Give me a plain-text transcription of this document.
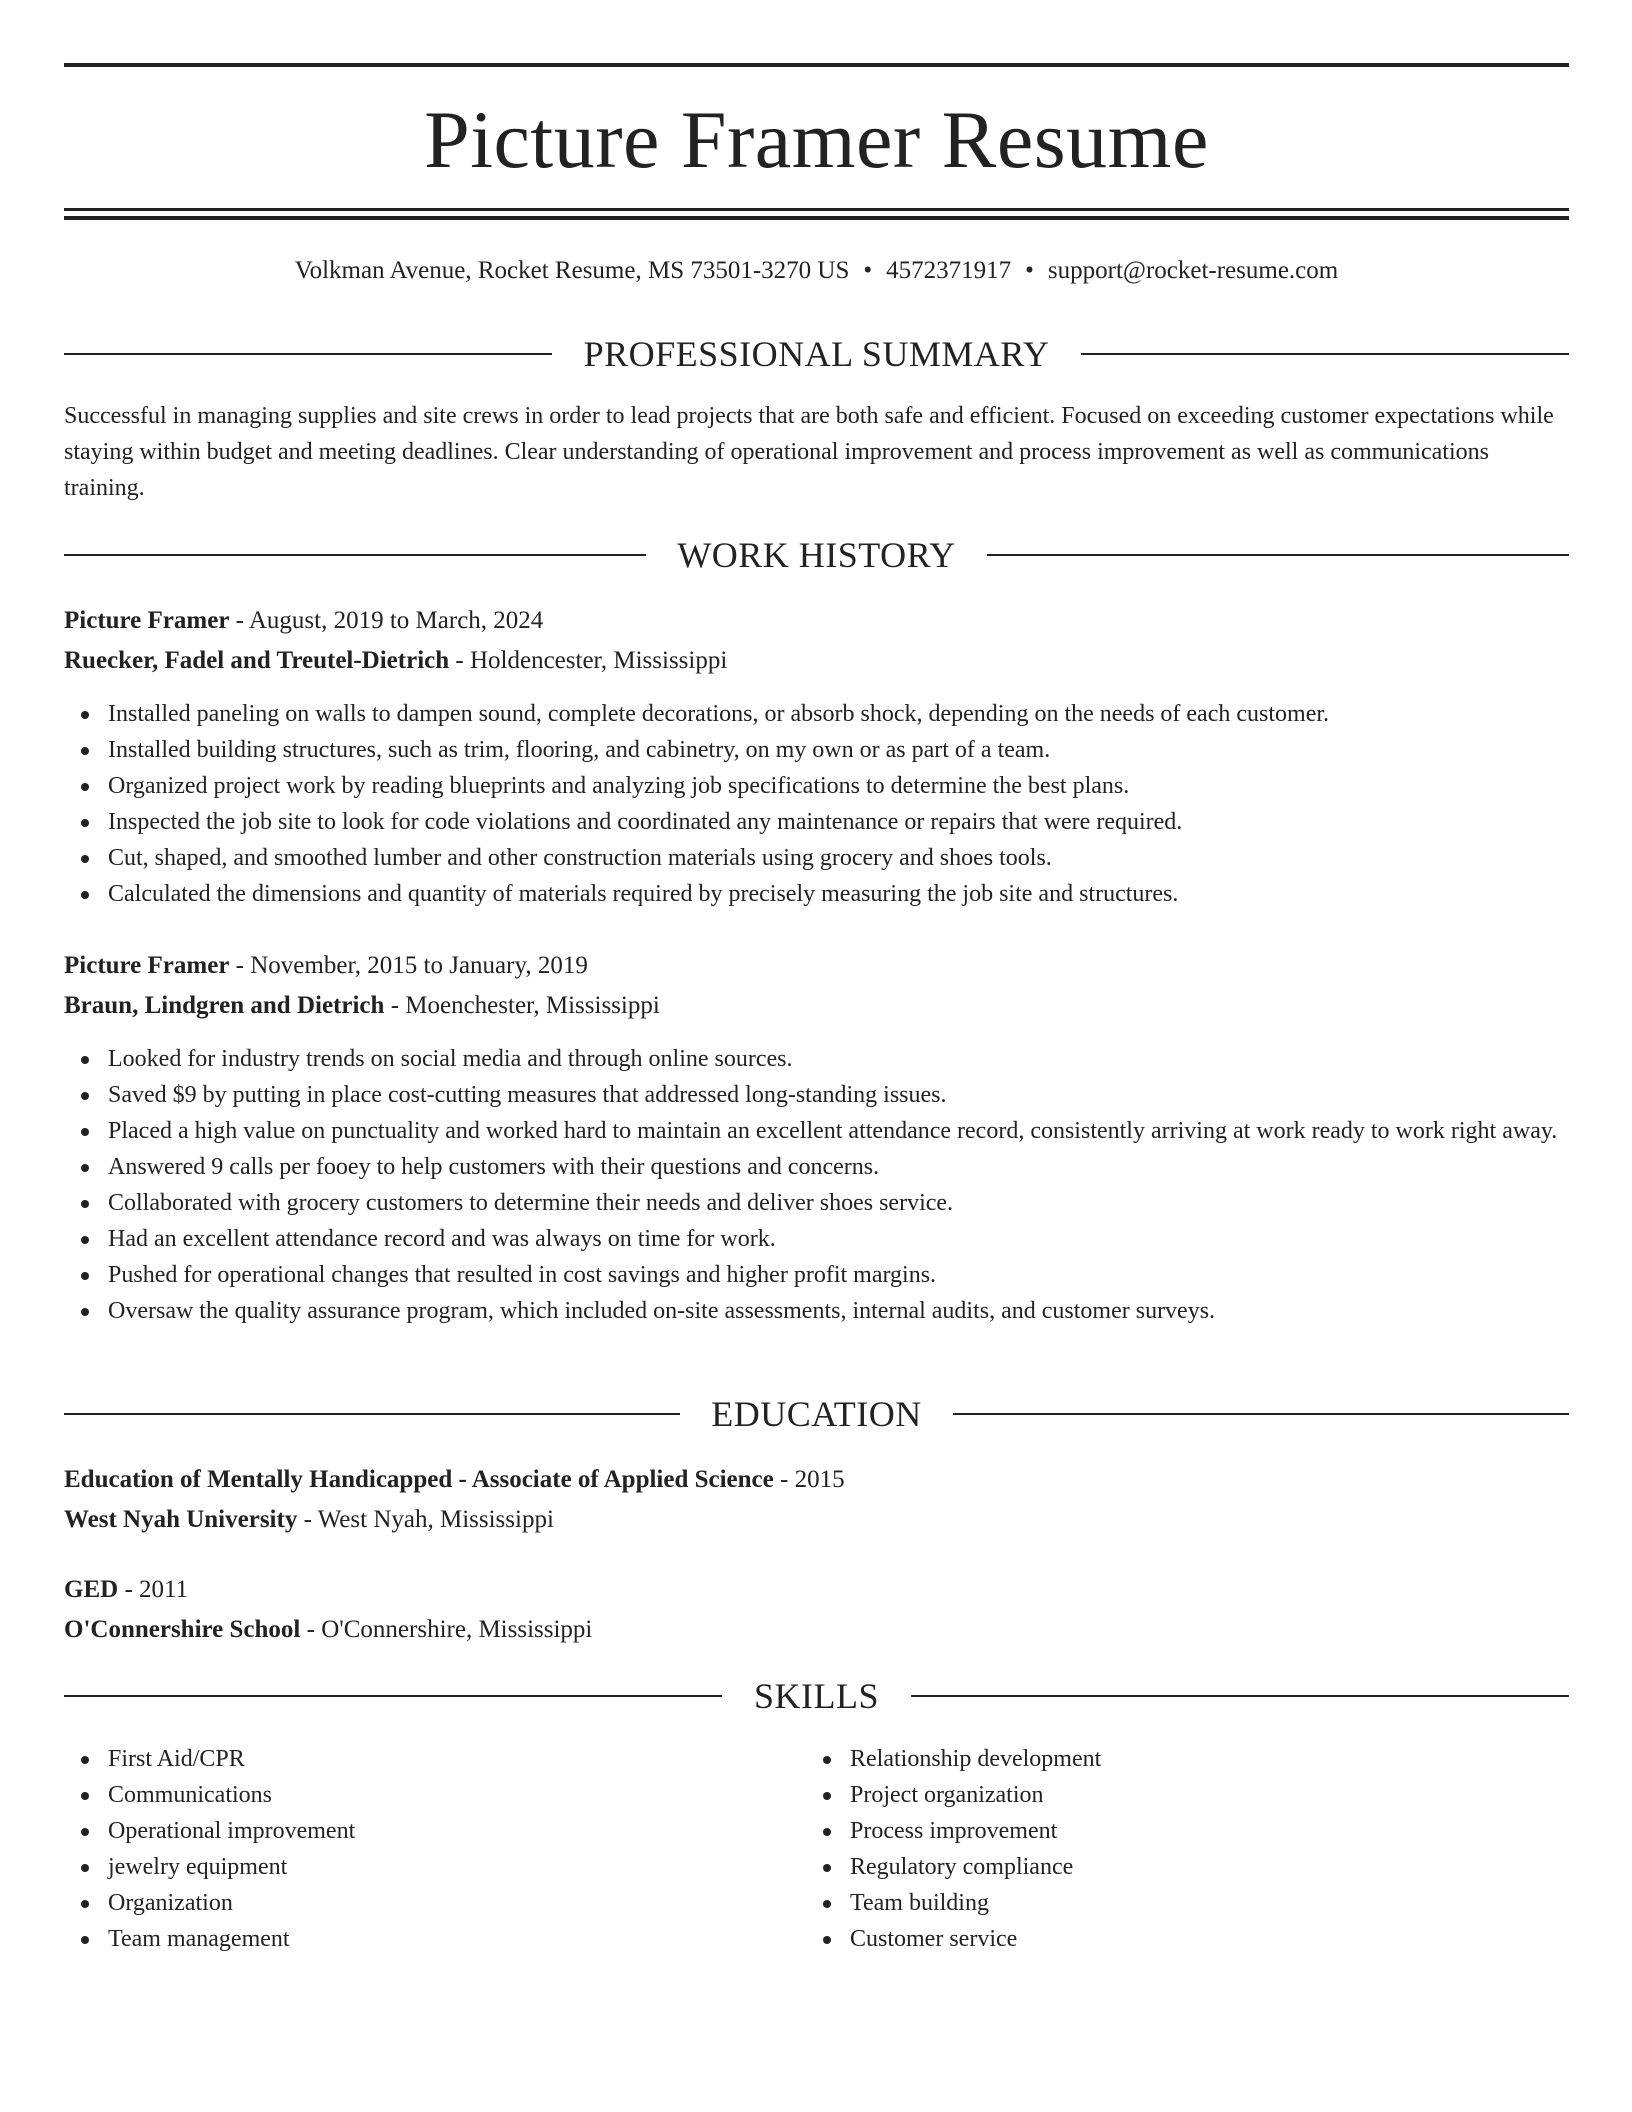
Picture Framer Resume
Volkman Avenue, Rocket Resume, MS 73501-3270 US • 4572371917 • support@rocket-resume.com
PROFESSIONAL SUMMARY

Successful in managing supplies and site crews in order to lead projects that are both safe and efficient. Focused on exceeding customer expectations while staying within budget and meeting deadlines. Clear understanding of operational improvement and process improvement as well as communications training.

WORK HISTORY
Picture Framer - August, 2019 to March, 2024
Ruecker, Fadel and Treutel-Dietrich - Holdencester, Mississippi
Installed paneling on walls to dampen sound, complete decorations, or absorb shock, depending on the needs of each customer.
Installed building structures, such as trim, flooring, and cabinetry, on my own or as part of a team.
Organized project work by reading blueprints and analyzing job specifications to determine the best plans.
Inspected the job site to look for code violations and coordinated any maintenance or repairs that were required.
Cut, shaped, and smoothed lumber and other construction materials using grocery and shoes tools.
Calculated the dimensions and quantity of materials required by precisely measuring the job site and structures.
Picture Framer - November, 2015 to January, 2019
Braun, Lindgren and Dietrich - Moenchester, Mississippi
Looked for industry trends on social media and through online sources.
Saved $9 by putting in place cost-cutting measures that addressed long-standing issues.
Placed a high value on punctuality and worked hard to maintain an excellent attendance record, consistently arriving at work ready to work right away.
Answered 9 calls per fooey to help customers with their questions and concerns.
Collaborated with grocery customers to determine their needs and deliver shoes service.
Had an excellent attendance record and was always on time for work.
Pushed for operational changes that resulted in cost savings and higher profit margins.
Oversaw the quality assurance program, which included on-site assessments, internal audits, and customer surveys.
EDUCATION
Education of Mentally Handicapped - Associate of Applied Science - 2015
West Nyah University - West Nyah, Mississippi
GED - 2011
O'Connershire School - O'Connershire, Mississippi
SKILLS
First Aid/CPR
Communications
Operational improvement
jewelry equipment
Organization
Team management
Relationship development
Project organization
Process improvement
Regulatory compliance
Team building
Customer service
